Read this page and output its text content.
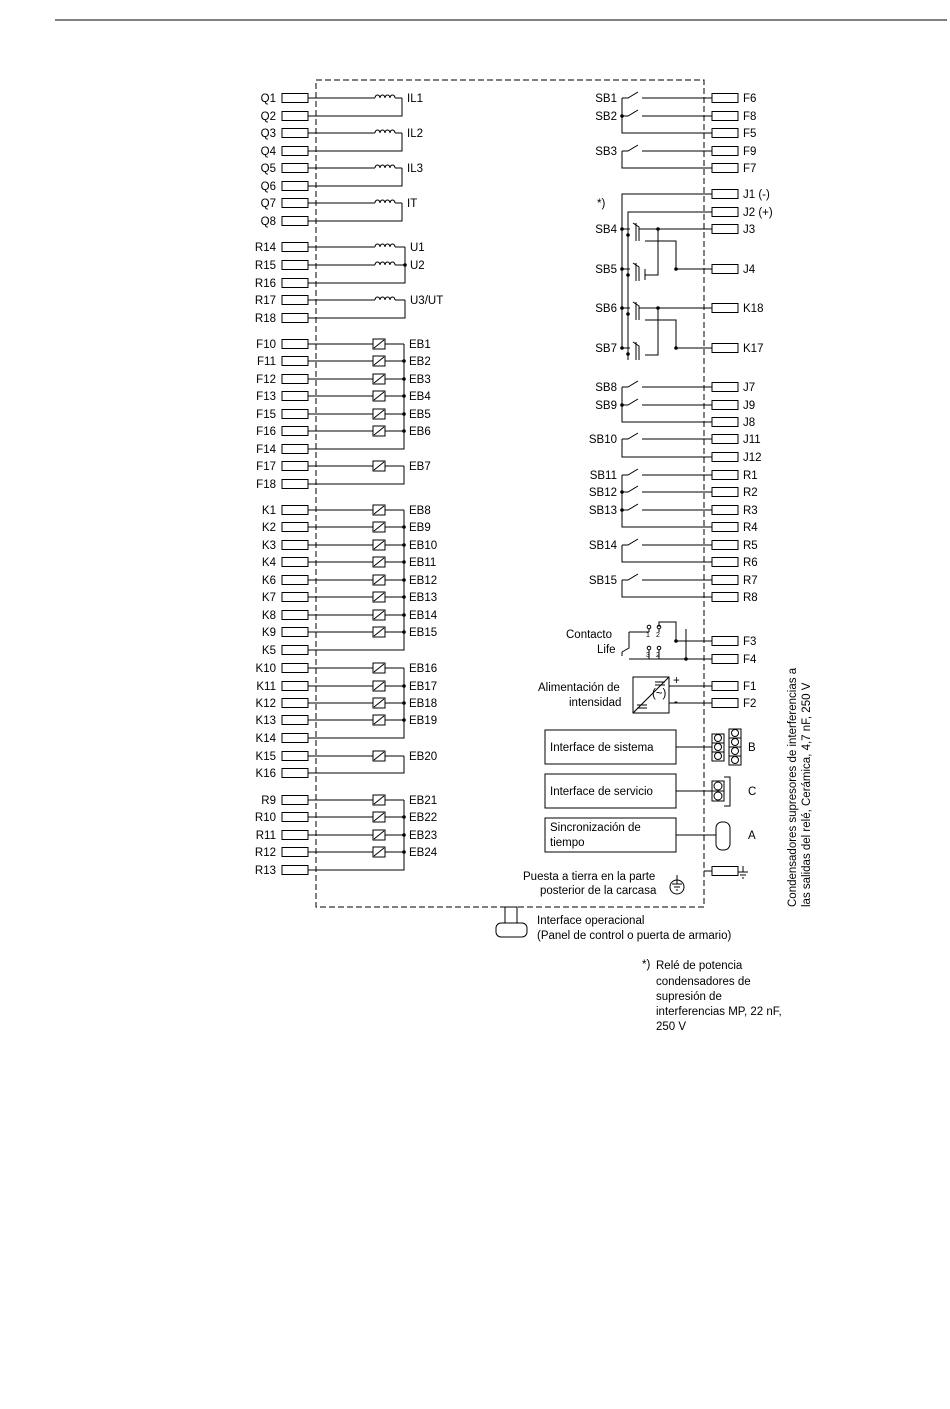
Q1
Q2
Q3
Q4
Q5
Q6
Q7
Q8
R14
R15
R16
R17
R18
F10
F11
F12
F13
F14
F15
F16
F17
F18
K1
K2
K3
K4
K6
K7
K8
K9
K5
K10
K11
K12
K13
K14
K15
K16
R9
R10
R11
R12
R13
IL1
IL2
IL3
IT
U1
U2
U3/UT
EB1
EB2
EB3
EB4
EB5
EB6
EB7
EB8
EB9
EB10
EB11
EB12
EB13
EB14
EB15
EB16
EB17
EB18
EB19
EB20
EB21
EB22
EB23
EB24
F6
F8
F5
F9
F7
J1 (-)
J2 (+)
J3
J4
K18
K17
J7
J9
J8
J11
J12
R1
R2
R3
R4
R5
R6
R7
R8
F3
F4
F1
F2
SB1
SB2
SB3
SB4
SB5
SB6
SB7
SB8
SB9
SB10
SB11
SB12
SB13
SB14
SB15
(~)
Contacto
Life
1 2
3 2
Alimentación de
intensidad
+
-
Interface de sistema	B
Interface de servicio	C
Sincronización de
tiempo
A
Puesta a tierra en la parte
posterior de la carcasa
Interface operacional
(Panel de control o puerta de armario)
*)
Condensadores supresores de interferencias a las salidas del relé, Cerámica, 4,7 nF, 250 V
*) Relé de potencia
condensadores de
supresión de
interferencias MP, 22 nF,
250 V
